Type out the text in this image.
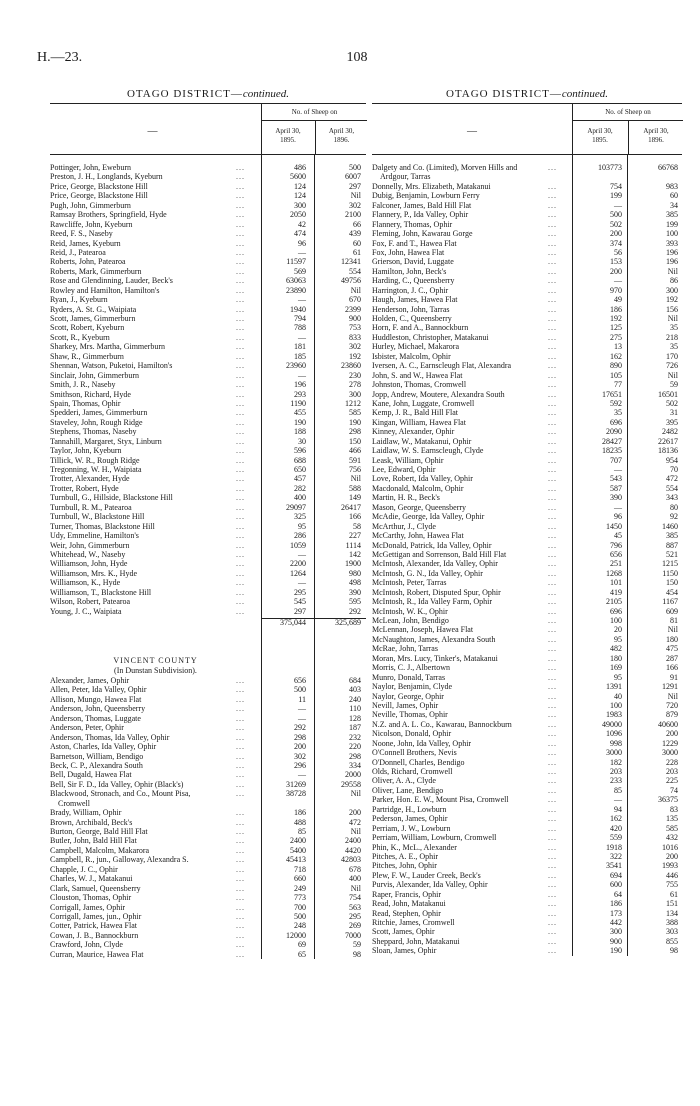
H.—23.	108
OTAGO DISTRICT—continued.
—
No. of Sheep on
April 30,
1895.
April 30,
1896.
Pottinger, John, Eweburn	...	486	500
Preston, J. H., Longlands, Kyeburn	...	5600	6007
Price, George, Blackstone Hill	...	124	297
Price, George, Blackstone Hill	...	124	Nil
Pugh, John, Gimmerburn	...	300	302
Ramsay Brothers, Springfield, Hyde	...	2050	2100
Rawcliffe, John, Kyeburn	...	42	66
Reed, F. S., Naseby	...	474	439
Reid, James, Kyeburn	...	96	60
Reid, J., Patearoa	...	—	61
Roberts, John, Patearoa	...	11597	12341
Roberts, Mark, Gimmerburn	...	569	554
Rose and Glendinning, Lauder, Beck's	...	63063	49756
Rowley and Hamilton, Hamilton's	...	23890	Nil
Ryan, J., Kyeburn	...	—	670
Ryders, A. St. G., Waipiata	...	1940	2399
Scott, James, Gimmerburn	...	794	900
Scott, Robert, Kyeburn	...	788	753
Scott, R., Kyeburn	...	—	833
Sharkey, Mrs. Martha, Gimmerburn	...	181	302
Shaw, R., Gimmerburn	...	185	192
Shennan, Watson, Puketoi, Hamilton's	...	23960	23860
Sinclair, John, Gimmerburn	...	—	230
Smith, J. R., Naseby	...	196	278
Smithson, Richard, Hyde	...	293	300
Spain, Thomas, Ophir	...	1190	1212
Spedderi, James, Gimmerburn	...	455	585
Staveley, John, Rough Ridge	...	190	190
Stephens, Thomas, Naseby	...	188	298
Tannahill, Margaret, Styx, Linburn	...	30	150
Taylor, John, Kyeburn	...	596	466
Tillick, W. R., Rough Ridge	...	688	591
Tregonning, W. H., Waipiata	...	650	756
Trotter, Alexander, Hyde	...	457	Nil
Trotter, Robert, Hyde	...	282	588
Turnbull, G., Hillside, Blackstone Hill	...	400	149
Turnbull, R. M., Patearoa	...	29097	26417
Turnbull, W., Blackstone Hill	...	325	166
Turner, Thomas, Blackstone Hill	...	95	58
Udy, Emmeline, Hamilton's	...	286	227
Weir, John, Gimmerburn	...	1059	1114
Whitehead, W., Naseby	...	—	142
Williamson, John, Hyde	...	2200	1900
Williamson, Mrs. K., Hyde	...	1264	980
Williamson, K., Hyde	...	—	498
Williamson, T., Blackstone Hill	...	295	390
Wilson, Robert, Patearoa	...	545	595
Young, J. C., Waipiata	...	297	292
375,044	325,689
VINCENT COUNTY
(In Dunstan Subdivision).
Alexander, James, Ophir	...	656	684
Allen, Peter, Ida Valley, Ophir	...	500	403
Allison, Mungo, Hawea Flat	...	11	240
Anderson, John, Queensberry	...	—	110
Anderson, Thomas, Luggate	...	—	128
Anderson, Peter, Ophir	...	292	187
Anderson, Thomas, Ida Valley, Ophir	...	298	232
Aston, Charles, Ida Valley, Ophir	...	200	220
Barnetson, William, Bendigo	...	302	298
Beck, C. P., Alexandra South	...	296	334
Bell, Dugald, Hawea Flat	...	—	2000
Bell, Sir F. D., Ida Valley, Ophir (Black's)	...	31269	29558
Blackwood, Stronach, and Co., Mount Pisa,	...	38728	Nil
Cromwell
Brady, William, Ophir	...	186	200
Brown, Archibald, Beck's	...	488	472
Burton, George, Bald Hill Flat	...	85	Nil
Butler, John, Bald Hill Flat	...	2400	2400
Campbell, Malcolm, Makarora	...	5400	4420
Campbell, R., jun., Galloway, Alexandra S.	...	45413	42803
Chapple, J. C., Ophir	...	718	678
Charles, W. J., Matakanui	...	660	400
Clark, Samuel, Queensberry	...	249	Nil
Clouston, Thomas, Ophir	...	773	754
Corrigall, James, Ophir	...	700	563
Corrigall, James, jun., Ophir	...	500	295
Cotter, Patrick, Hawea Flat	...	248	269
Cowan, J. B., Bannockburn	...	12000	7000
Crawford, John, Clyde	...	69	59
Curran, Maurice, Hawea Flat	...	65	98
OTAGO DISTRICT—continued.
—
No. of Sheep on
April 30,
1895.
April 30,
1896.
Dalgety and Co. (Limited), Morven Hills and	...	103773	66768
Ardgour, Tarras
Donnelly, Mrs. Elizabeth, Matakanui	...	754	983
Dubig, Benjamin, Lowburn Ferry	...	199	60
Falconer, James, Bald Hill Flat	...	—	34
Flannery, P., Ida Valley, Ophir	...	500	385
Flannery, Thomas, Ophir	...	502	199
Fleming, John, Kawarau Gorge	...	200	100
Fox, F. and T., Hawea Flat	...	374	393
Fox, John, Hawea Flat	...	56	196
Grierson, David, Luggate	...	153	196
Hamilton, John, Beck's	...	200	Nil
Harding, C., Queensberry	...	—	86
Harrington, J. C., Ophir	...	970	300
Haugh, James, Hawea Flat	...	49	192
Henderson, John, Tarras	...	186	156
Holden, C., Queensberry	...	192	Nil
Horn, F. and A., Bannockburn	...	125	35
Huddleston, Christopher, Matakanui	...	275	218
Hurley, Michael, Makarora	...	13	35
Isbister, Malcolm, Ophir	...	162	170
Iversen, A. C., Earnscleugh Flat, Alexandra	...	890	726
John, S. and W., Hawea Flat	...	105	Nil
Johnston, Thomas, Cromwell	...	77	59
Jopp, Andrew, Moutere, Alexandra South	...	17651	16501
Kane, John, Luggate, Cromwell	...	592	502
Kemp, J. R., Bald Hill Flat	...	35	31
Kingan, William, Hawea Flat	...	696	395
Kinney, Alexander, Ophir	...	2090	2482
Laidlaw, W., Matakanui, Ophir	...	28427	22617
Laidlaw, W. S. Earnscleugh, Clyde	...	18235	18136
Leask, William, Ophir	...	707	954
Lee, Edward, Ophir	...	—	70
Love, Robert, Ida Valley, Ophir	...	543	472
Macdonald, Malcolm, Ophir	...	587	554
Martin, H. R., Beck's	...	390	343
Mason, George, Queensberry	...	—	80
McAdie, George, Ida Valley, Ophir	...	96	92
McArthur, J., Clyde	...	1450	1460
McCarthy, John, Hawea Flat	...	45	385
McDonald, Patrick, Ida Valley, Ophir	...	796	887
McGettigan and Sorrenson, Bald Hill Flat	...	656	521
McIntosh, Alexander, Ida Valley, Ophir	...	251	1215
McIntosh, G. N., Ida Valley, Ophir	...	1268	1150
McIntosh, Peter, Tarras	...	101	150
McIntosh, Robert, Disputed Spur, Ophir	...	419	454
McIntosh, R., Ida Valley Farm, Ophir	...	2105	1167
McIntosh, W. K., Ophir	...	696	609
McLean, John, Bendigo	...	100	81
McLennan, Joseph, Hawea Flat	...	20	Nil
McNaughton, James, Alexandra South	...	95	180
McRae, John, Tarras	...	482	475
Moran, Mrs. Lucy, Tinker's, Matakanui	...	180	287
Morris, C. J., Albertown	...	169	166
Munro, Donald, Tarras	...	95	91
Naylor, Benjamin, Clyde	...	1391	1291
Naylor, George, Ophir	...	40	Nil
Nevill, James, Ophir	...	100	720
Neville, Thomas, Ophir	...	1983	879
N.Z. and A. L. Co., Kawarau, Bannockburn	...	49000	40600
Nicolson, Donald, Ophir	...	1096	200
Noone, John, Ida Valley, Ophir	...	998	1229
O'Connell Brothers, Nevis	...	3000	3000
O'Donnell, Charles, Bendigo	...	182	228
Olds, Richard, Cromwell	...	203	203
Oliver, A. A., Clyde	...	233	225
Oliver, Lane, Bendigo	...	85	74
Parker, Hon. E. W., Mount Pisa, Cromwell	...	—	36375
Partridge, H., Lowburn	...	94	83
Pederson, James, Ophir	...	162	135
Perriam, J. W., Lowburn	...	420	585
Perriam, William, Lowburn, Cromwell	...	559	432
Phin, K., McL., Alexander	...	1918	1016
Pitches, A. E., Ophir	...	322	200
Pitches, John, Ophir	...	3541	1993
Plew, F. W., Lauder Creek, Beck's	...	694	446
Purvis, Alexander, Ida Valley, Ophir	...	600	755
Raper, Francis, Ophir	...	64	61
Read, John, Matakanui	...	186	151
Read, Stephen, Ophir	...	173	134
Ritchie, James, Cromwell	...	442	388
Scott, James, Ophir	...	300	303
Sheppard, John, Matakanui	...	900	855
Sloan, James, Ophir	...	190	98
